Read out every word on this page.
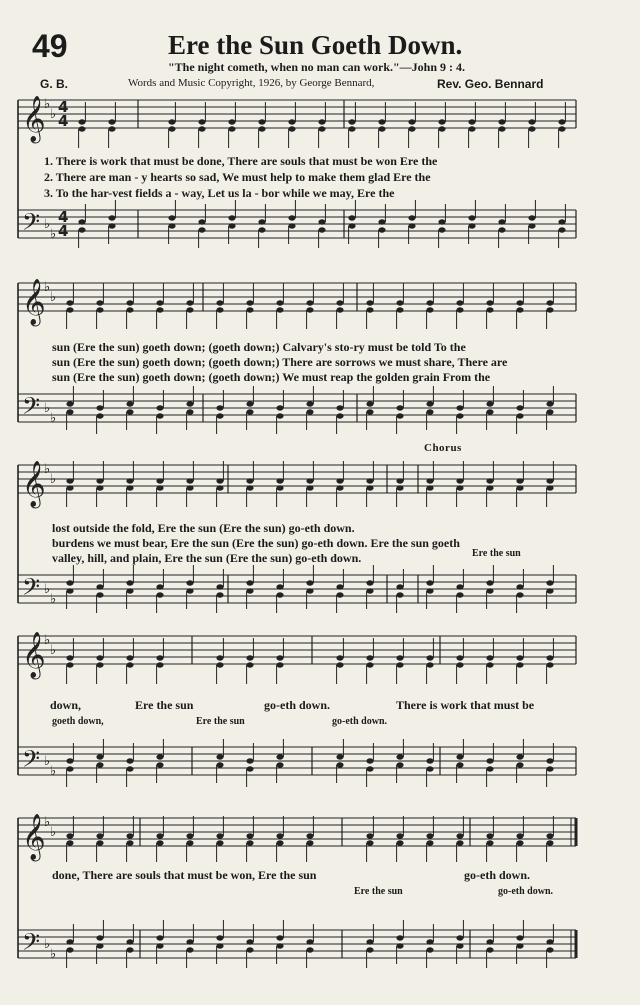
49	Ere the Sun Goeth Down.
"The night cometh, when no man can work."—John 9 : 4.
G. B.	Words and Music Copyright, 1926, by George Bennard,	Rev. Geo. Bennard
𝄞
𝄢
♭
♭
♭
♭
4
4
4
4
𝄞
𝄢
♭
♭
♭
♭
𝄞
𝄢
♭
♭
♭
♭
𝄞
𝄢
♭
♭
♭
♭
𝄞
𝄢
♭
♭
♭
♭
1. There is work that must be done, There are souls that must be won Ere the
2. There are man - y hearts so sad, We must help to make them glad Ere the
3. To the har-vest fields a - way, Let us la - bor while we may, Ere the
sun (Ere the sun) goeth down; (goeth down;) Calvary's sto-ry must be told To the
sun (Ere the sun) goeth down; (goeth down;) There are sorrows we must share, There are
sun (Ere the sun) goeth down; (goeth down;) We must reap the golden grain From the
Chorus
lost outside the fold, Ere the sun (Ere the sun) go-eth down.
burdens we must bear, Ere the sun (Ere the sun) go-eth down. Ere the sun goeth
valley, hill, and plain, Ere the sun (Ere the sun) go-eth down.	Ere the sun
down,	Ere the sun	go-eth down.	There is work that must be
goeth down,	Ere the sun	go-eth down.
done, There are souls that must be won, Ere the sun	go-eth down.
Ere the sun	go-eth down.
